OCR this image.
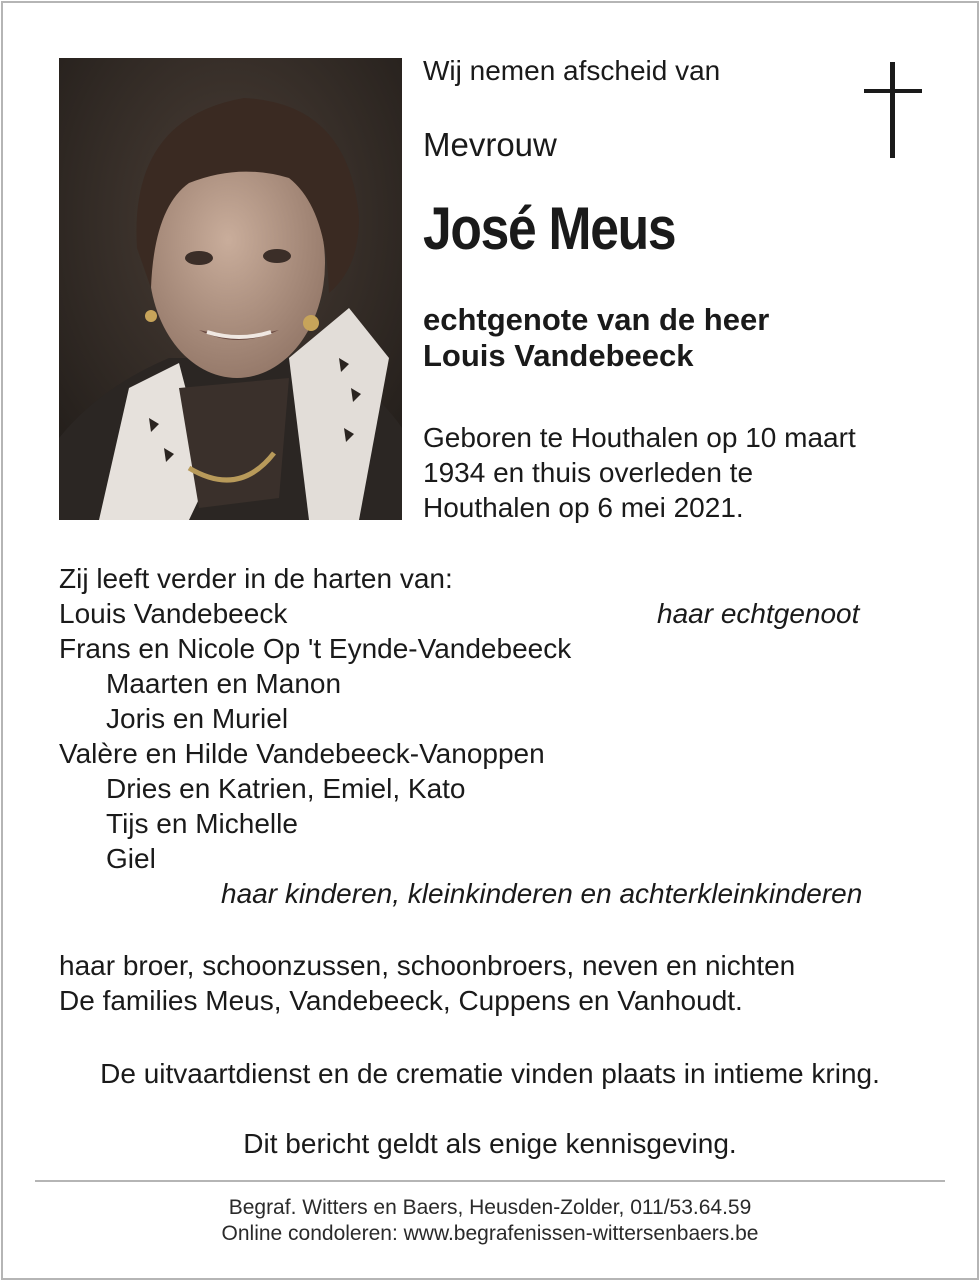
Wij nemen afscheid van
Mevrouw
José Meus
echtgenote van de heer
Louis Vandebeeck
Geboren te Houthalen op 10 maart
1934 en thuis overleden te
Houthalen op 6 mei 2021.
Zij leeft verder in de harten van:
Louis Vandebeeck	haar echtgenoot
Frans en Nicole Op 't Eynde-Vandebeeck
Maarten en Manon
Joris en Muriel
Valère en Hilde Vandebeeck-Vanoppen
Dries en Katrien, Emiel, Kato
Tijs en Michelle
Giel
haar kinderen, kleinkinderen en achterkleinkinderen
haar broer, schoonzussen, schoonbroers, neven en nichten
De families Meus, Vandebeeck, Cuppens en Vanhoudt.
De uitvaartdienst en de crematie vinden plaats in intieme kring.
Dit bericht geldt als enige kennisgeving.
Begraf. Witters en Baers, Heusden-Zolder, 011/53.64.59
Online condoleren: www.begrafenissen-wittersenbaers.be
